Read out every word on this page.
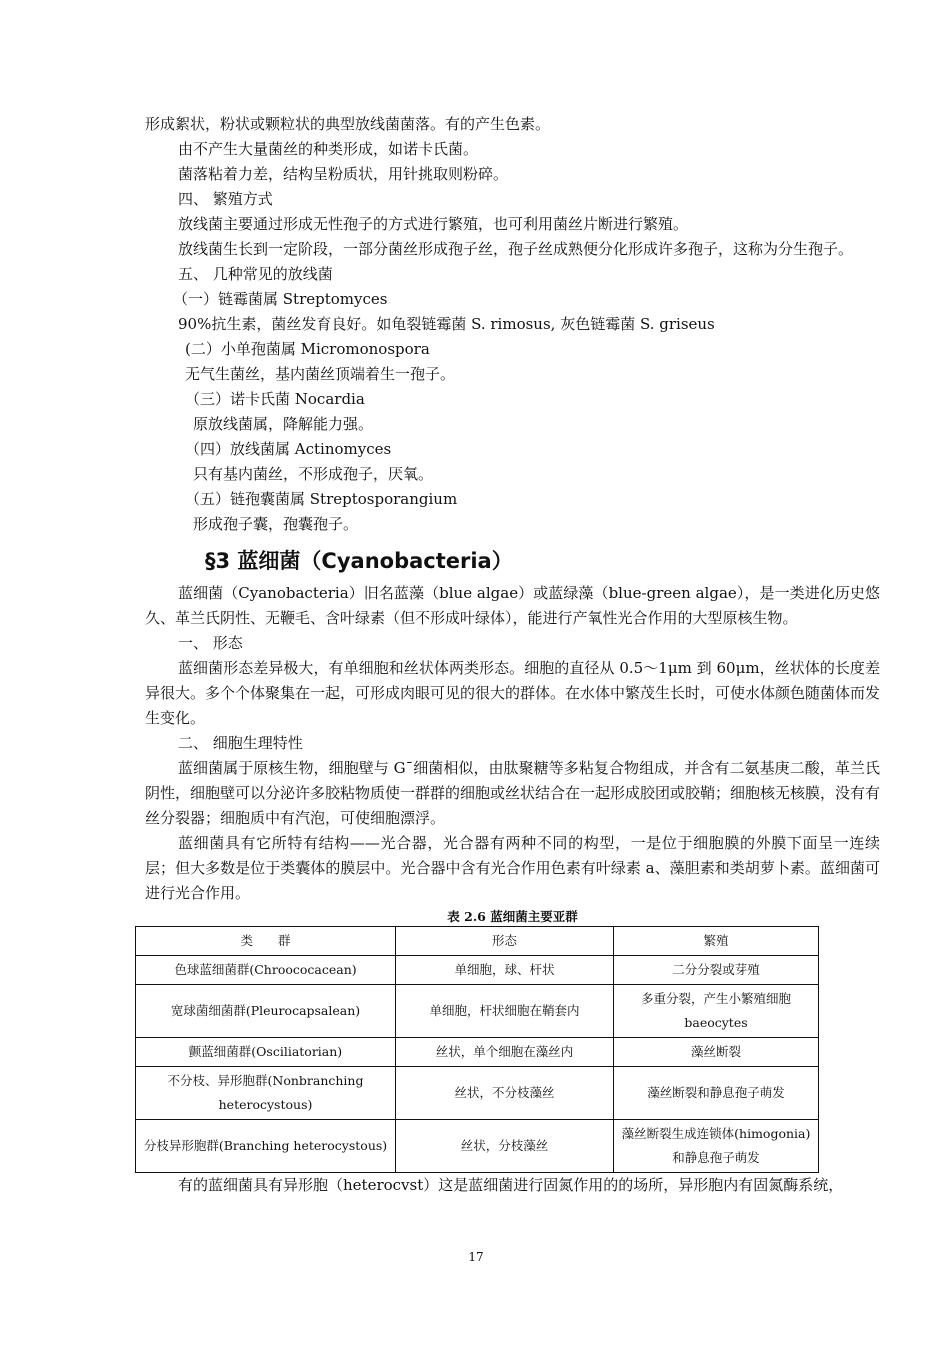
形成絮状，粉状或颗粒状的典型放线菌菌落。有的产生色素。
由不产生大量菌丝的种类形成，如诺卡氏菌。
菌落粘着力差，结构呈粉质状，用针挑取则粉碎。
四、 繁殖方式
放线菌主要通过形成无性孢子的方式进行繁殖，也可利用菌丝片断进行繁殖。
放线菌生长到一定阶段，一部分菌丝形成孢子丝，孢子丝成熟便分化形成许多孢子，这称为分生孢子。
五、 几种常见的放线菌
（一）链霉菌属 Streptomyces
90%抗生素，菌丝发育良好。如龟裂链霉菌 S. rimosus, 灰色链霉菌 S. griseus
(二）小单孢菌属 Micromonospora
无气生菌丝，基内菌丝顶端着生一孢子。
（三）诺卡氏菌 Nocardia
原放线菌属，降解能力强。
（四）放线菌属 Actinomyces
只有基内菌丝，不形成孢子，厌氧。
（五）链孢囊菌属 Streptosporangium
形成孢子囊，孢囊孢子。
§3 蓝细菌（Cyanobacteria）
蓝细菌（Cyanobacteria）旧名蓝藻（blue algae）或蓝绿藻（blue-green algae），是一类进化历史悠久、革兰氏阴性、无鞭毛、含叶绿素（但不形成叶绿体），能进行产氧性光合作用的大型原核生物。
一、 形态
蓝细菌形态差异极大，有单细胞和丝状体两类形态。细胞的直径从 0.5～1μm 到 60μm，丝状体的长度差异很大。多个个体聚集在一起，可形成肉眼可见的很大的群体。在水体中繁茂生长时，可使水体颜色随菌体而发生变化。
二、 细胞生理特性
蓝细菌属于原核生物，细胞壁与 G¯细菌相似，由肽聚糖等多粘复合物组成，并含有二氨基庚二酸，革兰氏阴性，细胞壁可以分泌许多胶粘物质使一群群的细胞或丝状结合在一起形成胶团或胶鞘；细胞核无核膜，没有有丝分裂器；细胞质中有汽泡，可使细胞漂浮。
蓝细菌具有它所特有结构——光合器，光合器有两种不同的构型，一是位于细胞膜的外膜下面呈一连续层；但大多数是位于类囊体的膜层中。光合器中含有光合作用色素有叶绿素 a、藻胆素和类胡萝卜素。蓝细菌可进行光合作用。
表 2.6 蓝细菌主要亚群
类　　群	形态	繁殖
色球蓝细菌群(Chroococacean)	单细胞，球、杆状	二分分裂或芽殖
宽球菌细菌群(Pleurocapsalean)	单细胞，杆状细胞在鞘套内	多重分裂，产生小繁殖细胞 baeocytes
颤蓝细菌群(Osciliatorian)	丝状，单个细胞在藻丝内	藻丝断裂
不分枝、异形胞群(Nonbranching heterocystous)	丝状，不分枝藻丝	藻丝断裂和静息孢子萌发
分枝异形胞群(Branching heterocystous)	丝状，分枝藻丝	藻丝断裂生成连锁体(himogonia)和静息孢子萌发
有的蓝细菌具有异形胞（heterocvst）这是蓝细菌进行固氮作用的的场所，异形胞内有固氮酶系统，
17
